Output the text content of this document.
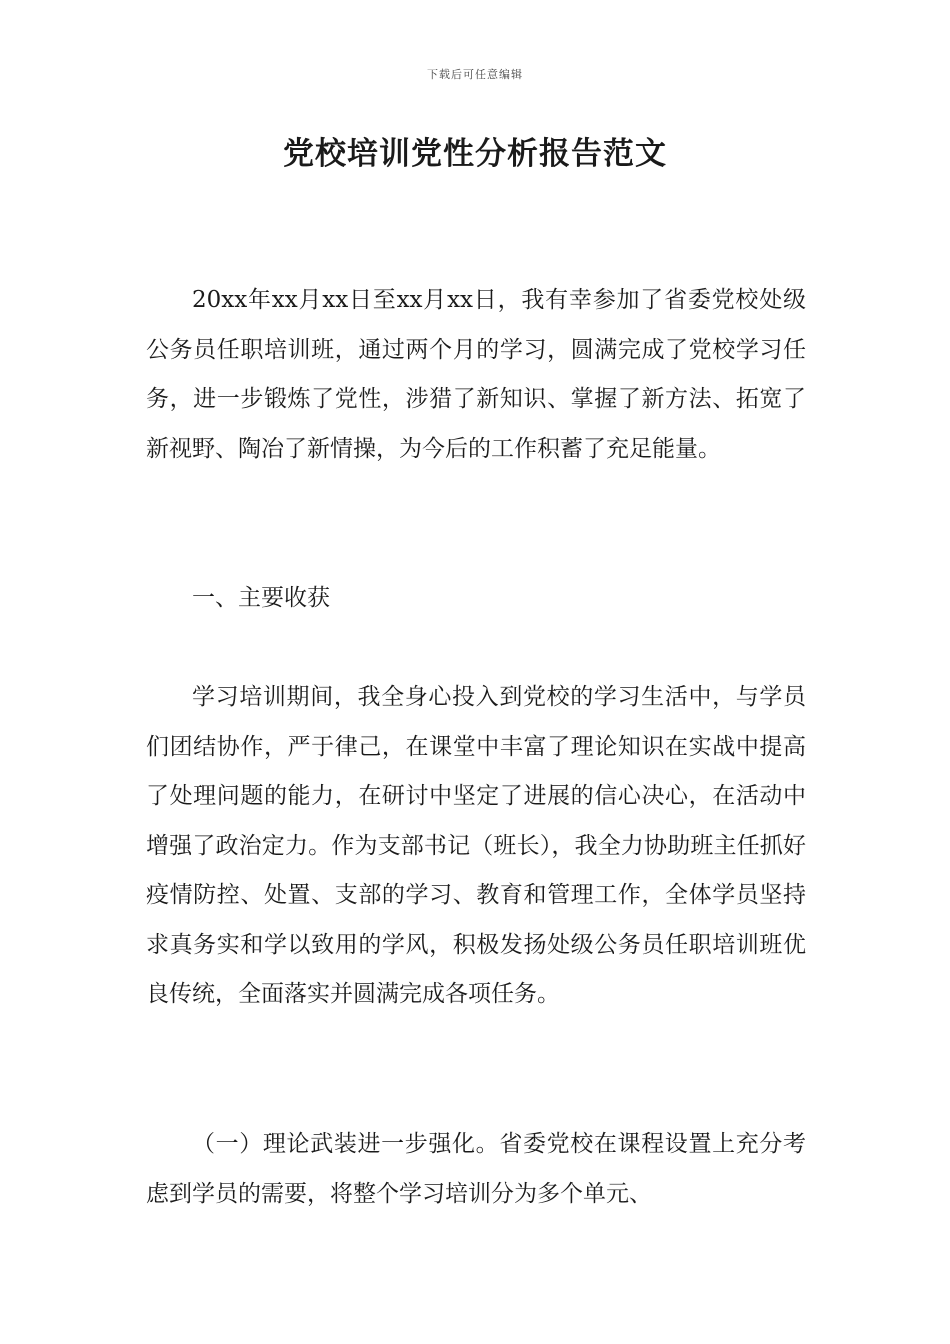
下载后可任意编辑
党校培训党性分析报告范文

20xx年xx月xx日至xx月xx日，我有幸参加了省委党校处级公务员任职培训班，通过两个月的学习，圆满完成了党校学习任务，进一步锻炼了党性，涉猎了新知识、掌握了新方法、拓宽了新视野、陶冶了新情操，为今后的工作积蓄了充足能量。

一、主要收获

学习培训期间，我全身心投入到党校的学习生活中，与学员们团结协作，严于律己，在课堂中丰富了理论知识在实战中提高了处理问题的能力，在研讨中坚定了进展的信心决心，在活动中增强了政治定力。作为支部书记（班长），我全力协助班主任抓好疫情防控、处置、支部的学习、教育和管理工作，全体学员坚持求真务实和学以致用的学风，积极发扬处级公务员任职培训班优良传统，全面落实并圆满完成各项任务。

（一）理论武装进一步强化。省委党校在课程设置上充分考虑到学员的需要，将整个学习培训分为多个单元、
